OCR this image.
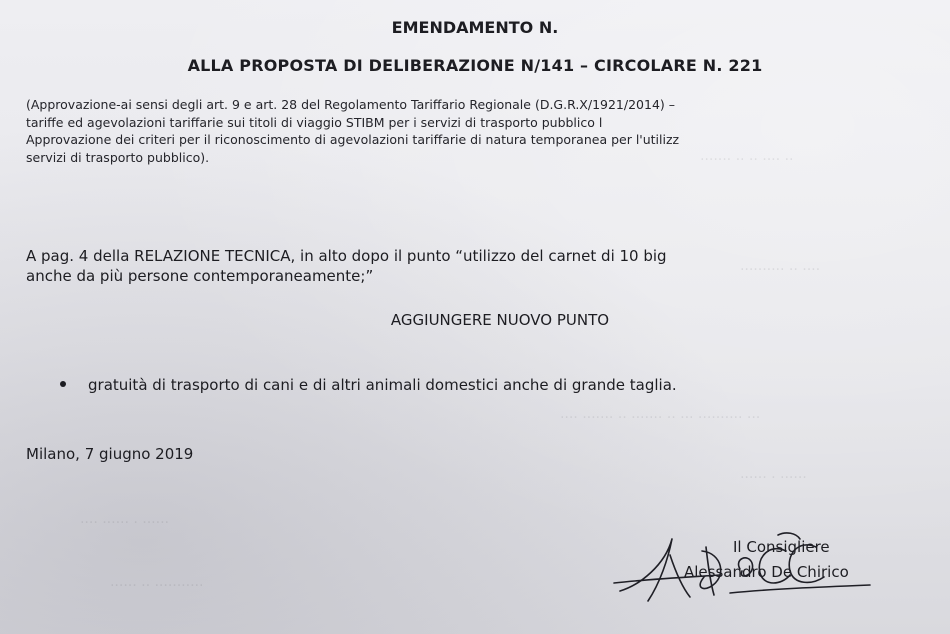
·· ···· ·· ·· ·······
···· ·· ··········
··· ·········· ··· ·· ······· ·· ······· ····
······ · ······
······ · ······ ····
··········· ·· ······
EMENDAMENTO N.
ALLA PROPOSTA DI DELIBERAZIONE N/141 – CIRCOLARE N. 221
(Approvazione-ai sensi degli art. 9 e art. 28 del Regolamento Tariffario Regionale (D.G.R.X/1921/2014) –
tariffe ed agevolazioni tariffarie sui titoli di viaggio STIBM per i servizi di trasporto pubblico l
Approvazione dei criteri per il riconoscimento di agevolazioni tariffarie di natura temporanea per l'utilizz
servizi di trasporto pubblico).
A pag. 4 della RELAZIONE TECNICA, in alto dopo il punto “utilizzo del carnet di 10 big
anche da più persone contemporaneamente;”
AGGIUNGERE NUOVO PUNTO
gratuità di trasporto di cani e di altri animali domestici anche di grande taglia.
Milano, 7 giugno 2019
Il Consigliere
Alessandro De Chirico
